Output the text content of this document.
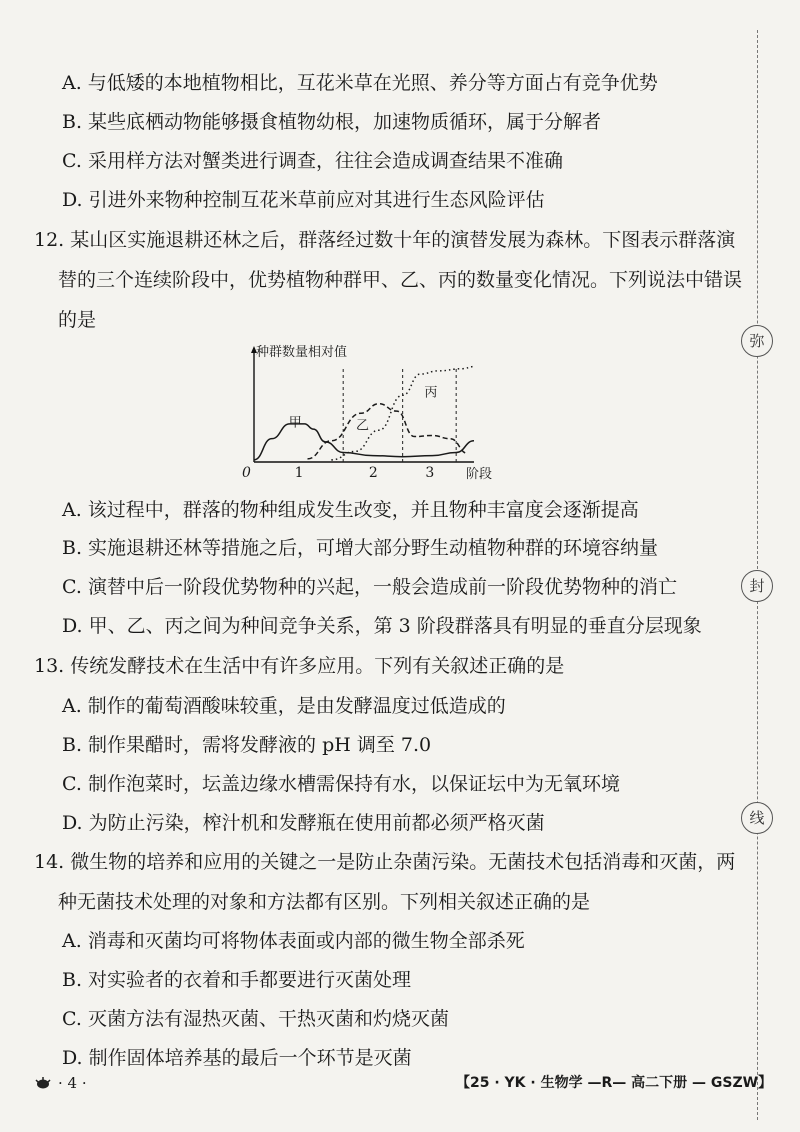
弥
封
线
A. 与低矮的本地植物相比，互花米草在光照、养分等方面占有竞争优势
B. 某些底栖动物能够摄食植物幼根，加速物质循环，属于分解者
C. 采用样方法对蟹类进行调查，往往会造成调查结果不准确
D. 引进外来物种控制互花米草前应对其进行生态风险评估
12. 某山区实施退耕还林之后，群落经过数十年的演替发展为森林。下图表示群落演
替的三个连续阶段中，优势植物种群甲、乙、丙的数量变化情况。下列说法中错误
的是
种群数量相对值
阶段
0	1	2	3
甲	乙
丙
A. 该过程中，群落的物种组成发生改变，并且物种丰富度会逐渐提高
B. 实施退耕还林等措施之后，可增大部分野生动植物种群的环境容纳量
C. 演替中后一阶段优势物种的兴起，一般会造成前一阶段优势物种的消亡
D. 甲、乙、丙之间为种间竞争关系，第 3 阶段群落具有明显的垂直分层现象
13. 传统发酵技术在生活中有许多应用。下列有关叙述正确的是
A. 制作的葡萄酒酸味较重，是由发酵温度过低造成的
B. 制作果醋时，需将发酵液的 pH 调至 7.0
C. 制作泡菜时，坛盖边缘水槽需保持有水，以保证坛中为无氧环境
D. 为防止污染，榨汁机和发酵瓶在使用前都必须严格灭菌
14. 微生物的培养和应用的关键之一是防止杂菌污染。无菌技术包括消毒和灭菌，两
种无菌技术处理的对象和方法都有区别。下列相关叙述正确的是
A. 消毒和灭菌均可将物体表面或内部的微生物全部杀死
B. 对实验者的衣着和手都要进行灭菌处理
C. 灭菌方法有湿热灭菌、干热灭菌和灼烧灭菌
D. 制作固体培养基的最后一个环节是灭菌
· 4 ·	【25 · YK · 生物学 —R— 高二下册 — GSZW】
